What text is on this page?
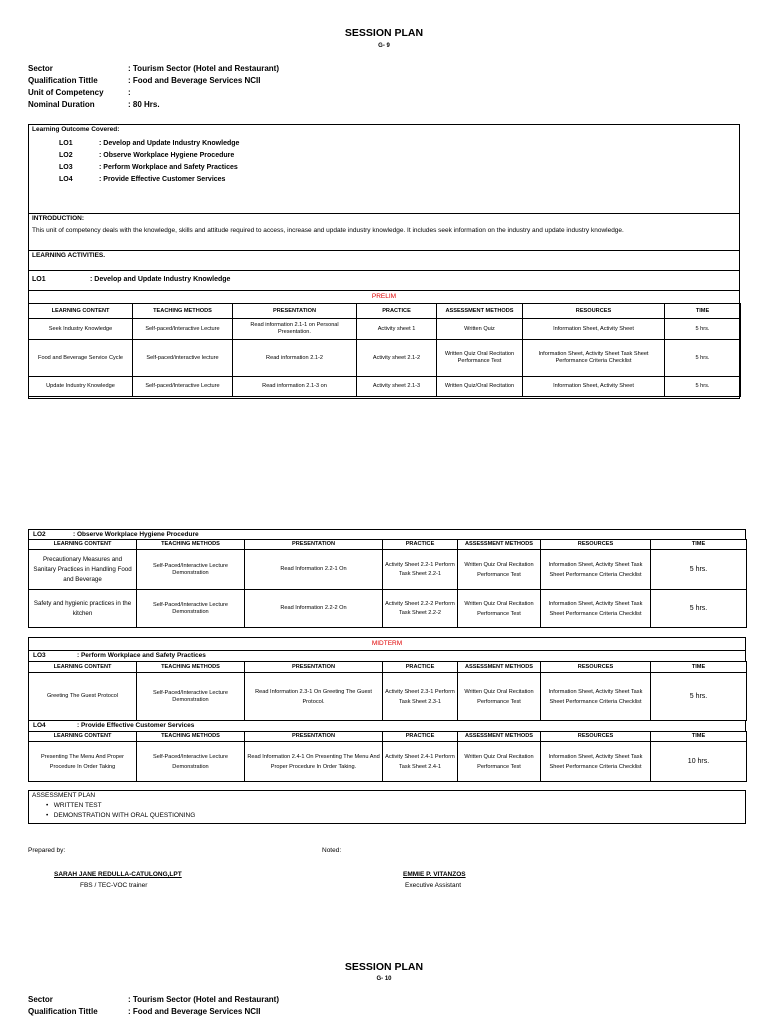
SESSION PLAN
G- 9
Sector	: Tourism Sector (Hotel and Restaurant)
Qualification Tittle	: Food and Beverage Services NCII
Unit of Competency	:
Nominal Duration	: 80 Hrs.
Learning Outcome Covered:
LO1	: Develop and Update Industry Knowledge
LO2	: Observe Workplace Hygiene Procedure
LO3	: Perform Workplace and Safety Practices
LO4	: Provide Effective Customer Services
INTRODUCTION:
This unit of competency deals with the knowledge, skills and attitude required to access, increase and update industry knowledge. It includes seek information on the industry and update industry knowledge.
LEARNING ACTIVITIES.
LO1	: Develop and Update Industry Knowledge
PRELIM
LEARNING CONTENT	TEACHING METHODS	PRESENTATION	PRACTICE	ASSESSMENT METHODS	RESOURCES	TIME
Seek Industry Knowledge	Self-paced/Interactive Lecture	Read information 2.1-1 on Personal Presentation.	Activity sheet 1	Written Quiz	Information Sheet, Activity Sheet	5 hrs.
Food and Beverage Service Cycle	Self-paced/interactive lecture	Read information 2.1-2	Activity sheet 2.1-2	Written Quiz Oral Recitation Performance Test	Information Sheet, Activity Sheet Task Sheet Performance Criteria Checklist	5 hrs.
Update Industry Knowledge	Self-paced/Interactive Lecture	Read information 2.1-3 on	Activity sheet 2.1-3	Written Quiz/Oral Recitation	Information Sheet, Activity Sheet	5 hrs.
LO2	: Observe Workplace Hygiene Procedure
LEARNING CONTENT	TEACHING METHODS	PRESENTATION	PRACTICE	ASSESSMENT METHODS	RESOURCES	TIME
Precautionary Measures and Sanitary Practices in Handling Food and Beverage	Self-Paced/Interactive Lecture Demonstration	Read Information 2.2-1 On	Activity Sheet 2.2-1 Perform Task Sheet 2.2-1	Written Quiz Oral Recitation Performance Test	Information Sheet, Activity Sheet Task Sheet Performance Criteria Checklist	5 hrs.
Safety and hygienic practices in the kitchen	Self-Paced/Interactive Lecture Demonstration	Read Information 2.2-2 On	Activity Sheet 2.2-2 Perform Task Sheet 2.2-2	Written Quiz Oral Recitation Performance Test	Information Sheet, Activity Sheet Task Sheet Performance Criteria Checklist	5 hrs.
MIDTERM
LO3	: Perform Workplace and Safety Practices
LEARNING CONTENT	TEACHING METHODS	PRESENTATION	PRACTICE	ASSESSMENT METHODS	RESOURCES	TIME
Greeting The Guest Protocol	Self-Paced/Interactive Lecture Demonstration	Read Information 2.3-1 On Greeting The Guest Protocol.	Activity Sheet 2.3-1 Perform Task Sheet 2.3-1	Written Quiz Oral Recitation Performance Test	Information Sheet, Activity Sheet Task Sheet Performance Criteria Checklist	5 hrs.
LO4	: Provide Effective Customer Services
LEARNING CONTENT	TEACHING METHODS	PRESENTATION	PRACTICE	ASSESSMENT METHODS	RESOURCES	TIME
Presenting The Menu And Proper Procedure In Order Taking	Self-Paced/Interactive Lecture Demonstration	Read Information 2.4-1 On Presenting The Menu And Proper Procedure In Order Taking.	Activity Sheet 2.4-1 Perform Task Sheet 2.4-1	Written Quiz Oral Recitation Performance Test	Information Sheet, Activity Sheet Task Sheet Performance Criteria Checklist	10 hrs.
ASSESSMENT PLAN
•   WRITTEN TEST
•   DEMONSTRATION WITH ORAL QUESTIONING
Prepared by:	Noted:
SARAH JANE REDULLA-CATULONG,LPT
FBS / TEC-VOC trainer
EMMIE P. VITANZOS
Executive Assistant
SESSION PLAN
G- 10
Sector	: Tourism Sector (Hotel and Restaurant)
Qualification Tittle	: Food and Beverage Services NCII
